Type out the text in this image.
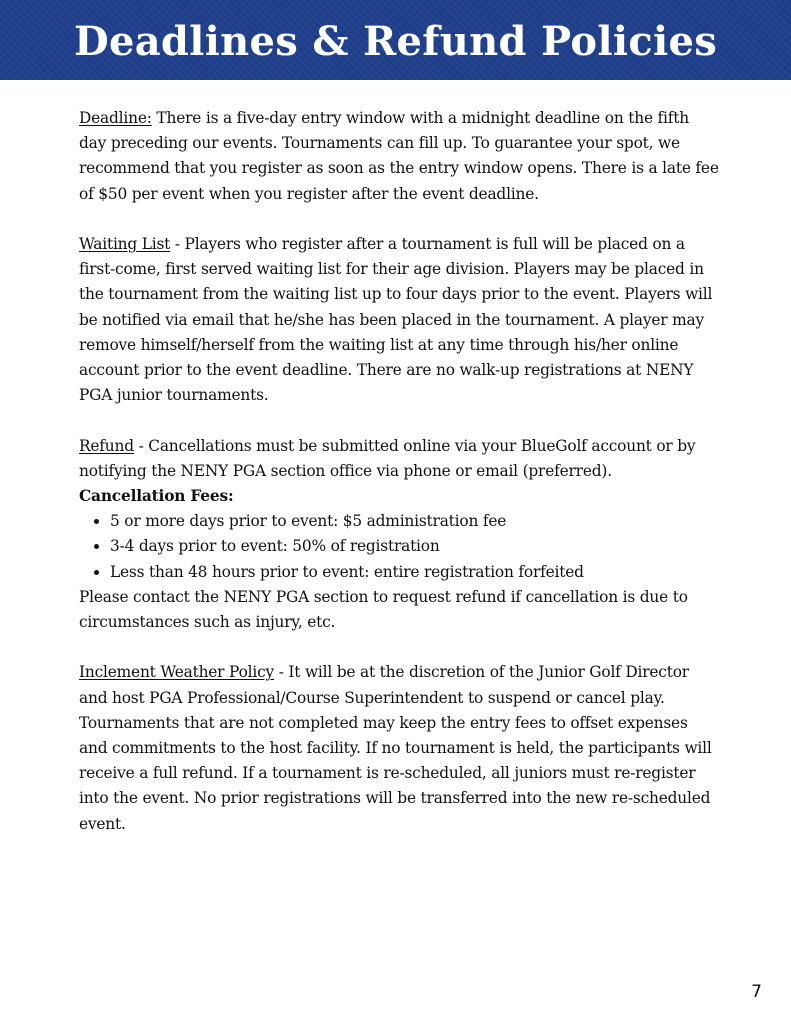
Deadlines & Refund Policies

Deadline: There is a five-day entry window with a midnight deadline on the fifth day preceding our events. Tournaments can fill up. To guarantee your spot, we recommend that you register as soon as the entry window opens. There is a late fee of $50 per event when you register after the event deadline.

Waiting List - Players who register after a tournament is full will be placed on a first-come, first served waiting list for their age division. Players may be placed in the tournament from the waiting list up to four days prior to the event. Players will be notified via email that he/she has been placed in the tournament. A player may remove himself/herself from the waiting list at any time through his/her online account prior to the event deadline. There are no walk-up registrations at NENY PGA junior tournaments.

Refund - Cancellations must be submitted online via your BlueGolf account or by notifying the NENY PGA section office via phone or email (preferred).

Cancellation Fees:

• 5 or more days prior to event: $5 administration fee
• 3-4 days prior to event: 50% of registration
• Less than 48 hours prior to event: entire registration forfeited

Please contact the NENY PGA section to request refund if cancellation is due to circumstances such as injury, etc.

Inclement Weather Policy - It will be at the discretion of the Junior Golf Director and host PGA Professional/Course Superintendent to suspend or cancel play. Tournaments that are not completed may keep the entry fees to offset expenses and commitments to the host facility. If no tournament is held, the participants will receive a full refund. If a tournament is re-scheduled, all juniors must re-register into the event. No prior registrations will be transferred into the new re-scheduled event.

7
